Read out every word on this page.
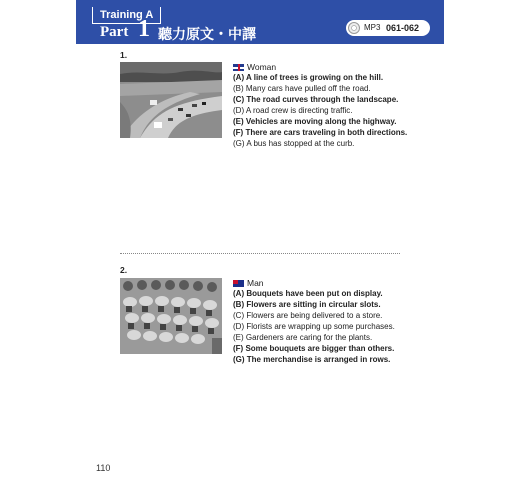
Training A
Part 1 聽力原文・中譯	MP3 061-062
1.
Woman
(A) A line of trees is growing on the hill.
(B) Many cars have pulled off the road.
(C) The road curves through the landscape.
(D) A road crew is directing traffic.
(E) Vehicles are moving along the highway.
(F) There are cars traveling in both directions.
(G) A bus has stopped at the curb.
2.
Man
(A) Bouquets have been put on display.
(B) Flowers are sitting in circular slots.
(C) Flowers are being delivered to a store.
(D) Florists are wrapping up some purchases.
(E) Gardeners are caring for the plants.
(F) Some bouquets are bigger than others.
(G) The merchandise is arranged in rows.
110
